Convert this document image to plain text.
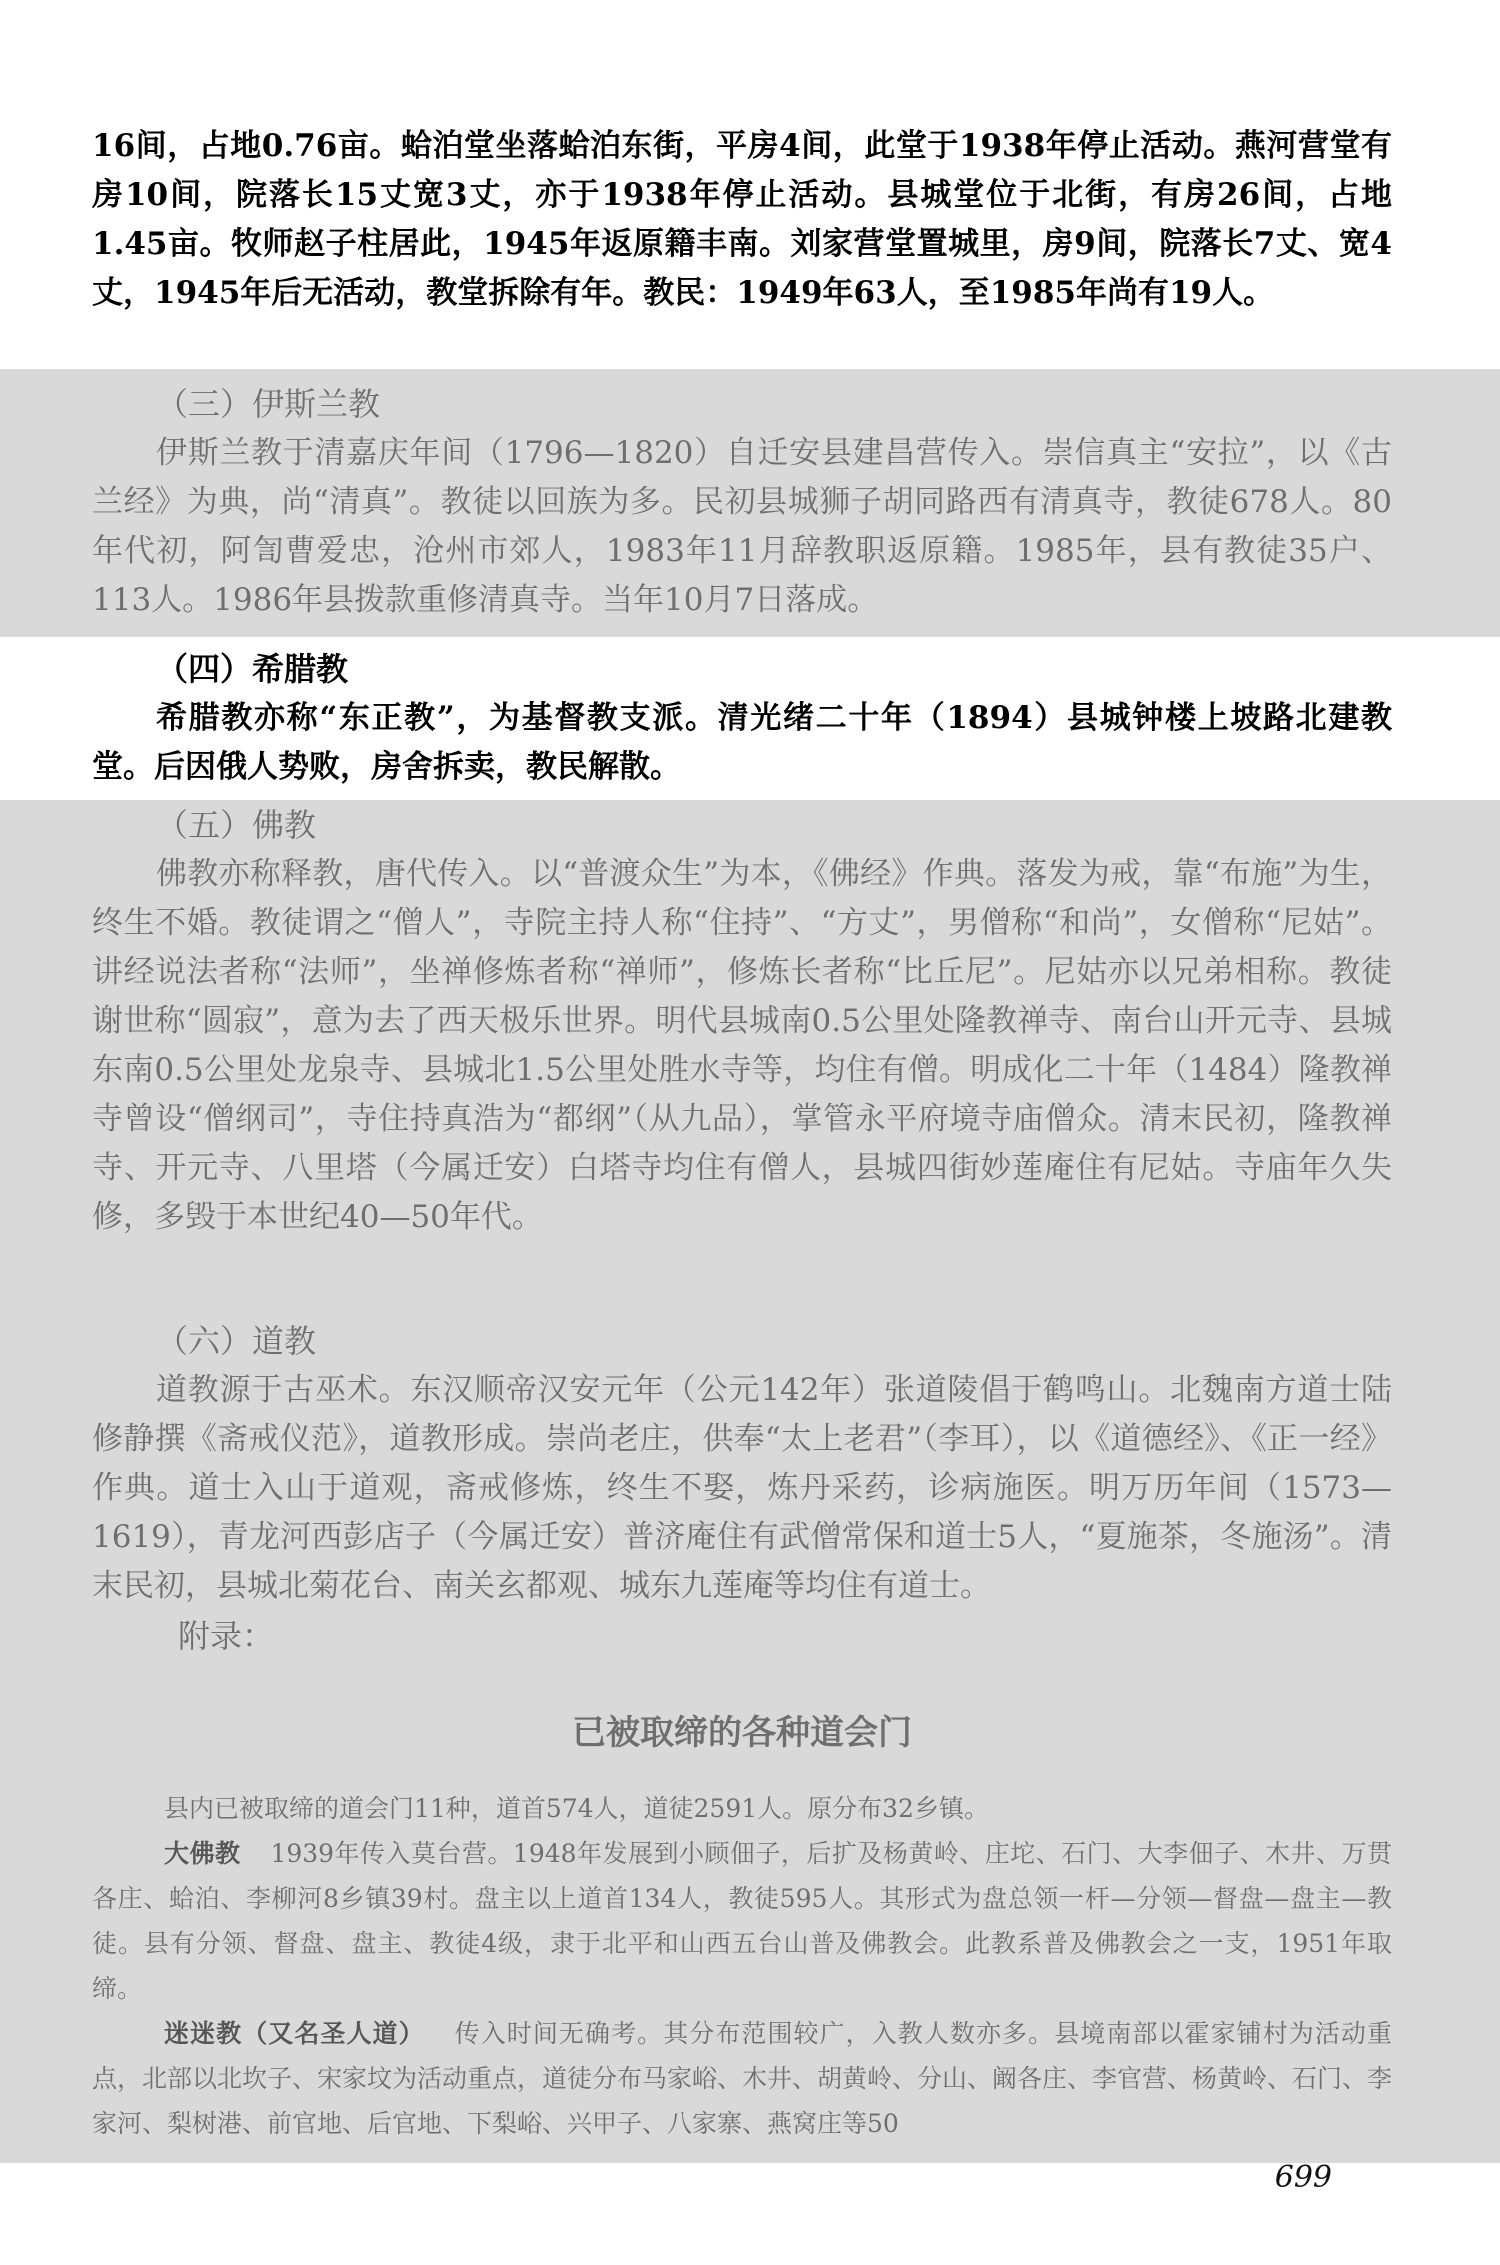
16间，占地0.76亩。蛤泊堂坐落蛤泊东街，平房4间，此堂于1938年停止活动。燕河营堂有房10间，院落长15丈宽3丈，亦于1938年停止活动。县城堂位于北街，有房26间，占地1.45亩。牧师赵子柱居此，1945年返原籍丰南。刘家营堂置城里，房9间，院落长7丈、宽4丈，1945年后无活动，教堂拆除有年。教民：1949年63人，至1985年尚有19人。

（三）伊斯兰教

伊斯兰教于清嘉庆年间（1796—1820）自迁安县建昌营传入。崇信真主“安拉”，以《古兰经》为典，尚“清真”。教徒以回族为多。民初县城狮子胡同路西有清真寺，教徒678人。80年代初，阿訇曹爱忠，沧州市郊人，1983年11月辞教职返原籍。1985年，县有教徒35户、113人。1986年县拨款重修清真寺。当年10月7日落成。

（四）希腊教

希腊教亦称“东正教”，为基督教支派。清光绪二十年（1894）县城钟楼上坡路北建教堂。后因俄人势败，房舍拆卖，教民解散。

（五）佛教

佛教亦称释教，唐代传入。以“普渡众生”为本，《佛经》作典。落发为戒，靠“布施”为生，终生不婚。教徒谓之“僧人”，寺院主持人称“住持”、“方丈”，男僧称“和尚”，女僧称“尼姑”。讲经说法者称“法师”，坐禅修炼者称“禅师”，修炼长者称“比丘尼”。尼姑亦以兄弟相称。教徒谢世称“圆寂”，意为去了西天极乐世界。明代县城南0.5公里处隆教禅寺、南台山开元寺、县城东南0.5公里处龙泉寺、县城北1.5公里处胜水寺等，均住有僧。明成化二十年（1484）隆教禅寺曾设“僧纲司”，寺住持真浩为“都纲”（从九品），掌管永平府境寺庙僧众。清末民初，隆教禅寺、开元寺、八里塔（今属迁安）白塔寺均住有僧人，县城四街妙莲庵住有尼姑。寺庙年久失修，多毁于本世纪40—50年代。

（六）道教

道教源于古巫术。东汉顺帝汉安元年（公元142年）张道陵倡于鹤鸣山。北魏南方道士陆修静撰《斋戒仪范》，道教形成。崇尚老庄，供奉“太上老君”（李耳），以《道德经》、《正一经》作典。道士入山于道观，斋戒修炼，终生不娶，炼丹采药，诊病施医。明万历年间（1573—1619），青龙河西彭店子（今属迁安）普济庵住有武僧常保和道士5人，“夏施茶，冬施汤”。清末民初，县城北菊花台、南关玄都观、城东九莲庵等均住有道士。

附录：

已被取缔的各种道会门

县内已被取缔的道会门11种，道首574人，道徒2591人。原分布32乡镇。

大佛教 1939年传入莫台营。1948年发展到小顾佃子，后扩及杨黄岭、庄坨、石门、大李佃子、木井、万贯各庄、蛤泊、李柳河8乡镇39村。盘主以上道首134人，教徒595人。其形式为盘总领一杆—分领—督盘—盘主—教徒。县有分领、督盘、盘主、教徒4级，隶于北平和山西五台山普及佛教会。此教系普及佛教会之一支，1951年取缔。

迷迷教（又名圣人道） 传入时间无确考。其分布范围较广，入教人数亦多。县境南部以霍家铺村为活动重点，北部以北坎子、宋家坟为活动重点，道徒分布马家峪、木井、胡黄岭、分山、阚各庄、李官营、杨黄岭、石门、李家河、梨树港、前官地、后官地、下梨峪、兴甲子、八家寨、燕窝庄等50

699
